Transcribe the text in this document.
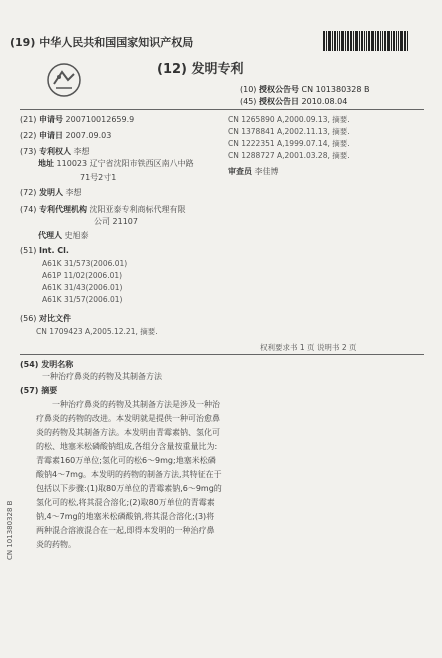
(19) 中华人民共和国国家知识产权局
(12) 发明专利
(10) 授权公告号 CN 101380328 B
(45) 授权公告日 2010.08.04
(21) 申请号 200710012659.9
(22) 申请日 2007.09.03
(73) 专利权人 李想
地址 110023 辽宁省沈阳市铁西区南八中路
71号2寸1
(72) 发明人 李想
(74) 专利代理机构 沈阳亚泰专利商标代理有限
公司 21107
代理人 史旭泰
(51) Int. Cl.
A61K 31/573(2006.01)
A61P 11/02(2006.01)
A61K 31/43(2006.01)
A61K 31/57(2006.01)
(56) 对比文件
CN 1709423 A,2005.12.21, 摘要.
CN 1265890 A,2000.09.13, 摘要.
CN 1378841 A,2002.11.13, 摘要.
CN 1222351 A,1999.07.14, 摘要.
CN 1288727 A,2001.03.28, 摘要.
审查员 李佳博
权利要求书 1 页 说明书 2 页
(54) 发明名称
一种治疗鼻炎的药物及其制备方法
(57) 摘要
一种治疗鼻炎的药物及其制备方法是涉及一种治疗鼻炎的药物的改进。本发明就是提供一种可治愈鼻炎的药物及其制备方法。本发明由青霉素钠、氢化可的松、地塞米松磷酸钠组成,各组分含量按重量比为:青霉素160万单位;氢化可的松6～9mg;地塞米松磷酸钠4～7mg。本发明的药物的制备方法,其特征在于包括以下步骤:(1)取80万单位的青霉素钠,6～9mg的氢化可的松,将其混合溶化;(2)取80万单位的青霉素钠,4～7mg的地塞米松磷酸钠,将其混合溶化;(3)将两种混合溶液混合在一起,即得本发明的一种治疗鼻炎的药物。
CN 101380328 B
